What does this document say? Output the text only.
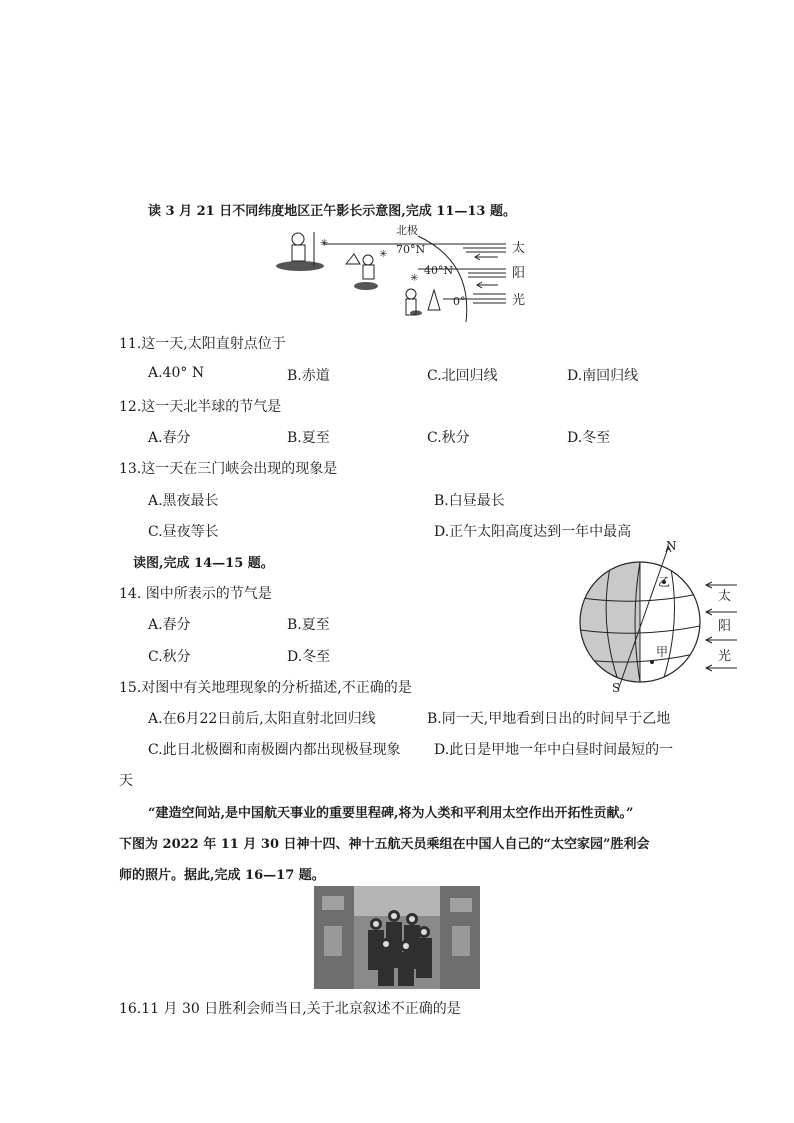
读 3 月 21 日不同纬度地区正午影长示意图,完成 11—13 题。
✳
✳
✳
北极
70°N
40°N
0°
太
阳
光
11.这一天,太阳直射点位于
A.40° N	B.赤道	C.北回归线	D.南回归线
12.这一天北半球的节气是
A.春分	B.夏至	C.秋分	D.冬至
13.这一天在三门峡会出现的现象是
A.黑夜最长	B.白昼最长
C.昼夜等长	D.正午太阳高度达到一年中最高
读图,完成 14—15 题。
N
S
乙
甲
太
阳
光
14. 图中所表示的节气是
A.春分	B.夏至
C.秋分	D.冬至
15.对图中有关地理现象的分析描述,不正确的是
A.在6月22日前后,太阳直射北回归线	B.同一天,甲地看到日出的时间早于乙地
C.此日北极圈和南极圈内都出现极昼现象 D.此日是甲地一年中白昼时间最短的一
天
“建造空间站,是中国航天事业的重要里程碑,将为人类和平利用太空作出开拓性贡献。”
下图为 2022 年 11 月 30 日神十四、神十五航天员乘组在中国人自己的“太空家园”胜利会
师的照片。据此,完成 16—17 题。
16.11 月 30 日胜利会师当日,关于北京叙述不正确的是
